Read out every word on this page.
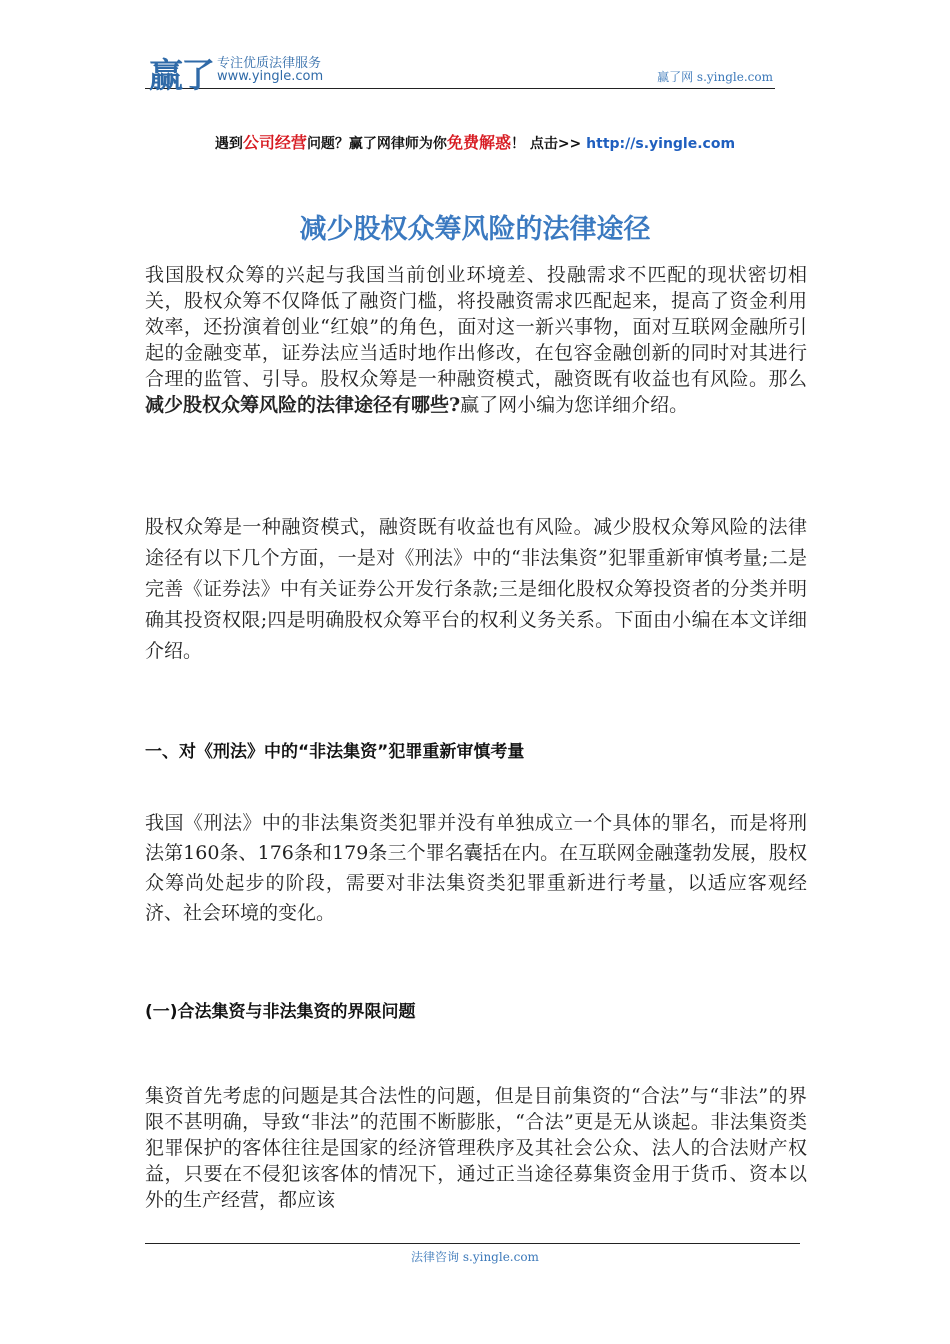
赢了 专注优质法律服务
www.yingle.com	赢了网 s.yingle.com
遇到公司经营问题？赢了网律师为你免费解惑！ 点击>> http://s.yingle.com
减少股权众筹风险的法律途径
我国股权众筹的兴起与我国当前创业环境差、投融需求不匹配的现状密切相关，股权众筹不仅降低了融资门槛，将投融资需求匹配起来，提高了资金利用效率，还扮演着创业“红娘”的角色，面对这一新兴事物，面对互联网金融所引起的金融变革，证券法应当适时地作出修改，在包容金融创新的同时对其进行合理的监管、引导。股权众筹是一种融资模式，融资既有收益也有风险。那么减少股权众筹风险的法律途径有哪些?赢了网小编为您详细介绍。
股权众筹是一种融资模式，融资既有收益也有风险。减少股权众筹风险的法律途径有以下几个方面，一是对《刑法》中的“非法集资”犯罪重新审慎考量;二是完善《证券法》中有关证券公开发行条款;三是细化股权众筹投资者的分类并明确其投资权限;四是明确股权众筹平台的权利义务关系。下面由小编在本文详细介绍。
一、对《刑法》中的“非法集资”犯罪重新审慎考量
我国《刑法》中的非法集资类犯罪并没有单独成立一个具体的罪名，而是将刑法第160条、176条和179条三个罪名囊括在内。在互联网金融蓬勃发展，股权众筹尚处起步的阶段，需要对非法集资类犯罪重新进行考量，以适应客观经济、社会环境的变化。
(一)合法集资与非法集资的界限问题
集资首先考虑的问题是其合法性的问题，但是目前集资的“合法”与“非法”的界限不甚明确，导致“非法”的范围不断膨胀，“合法”更是无从谈起。非法集资类犯罪保护的客体往往是国家的经济管理秩序及其社会公众、法人的合法财产权益，只要在不侵犯该客体的情况下，通过正当途径募集资金用于货币、资本以外的生产经营，都应该
法律咨询 s.yingle.com
